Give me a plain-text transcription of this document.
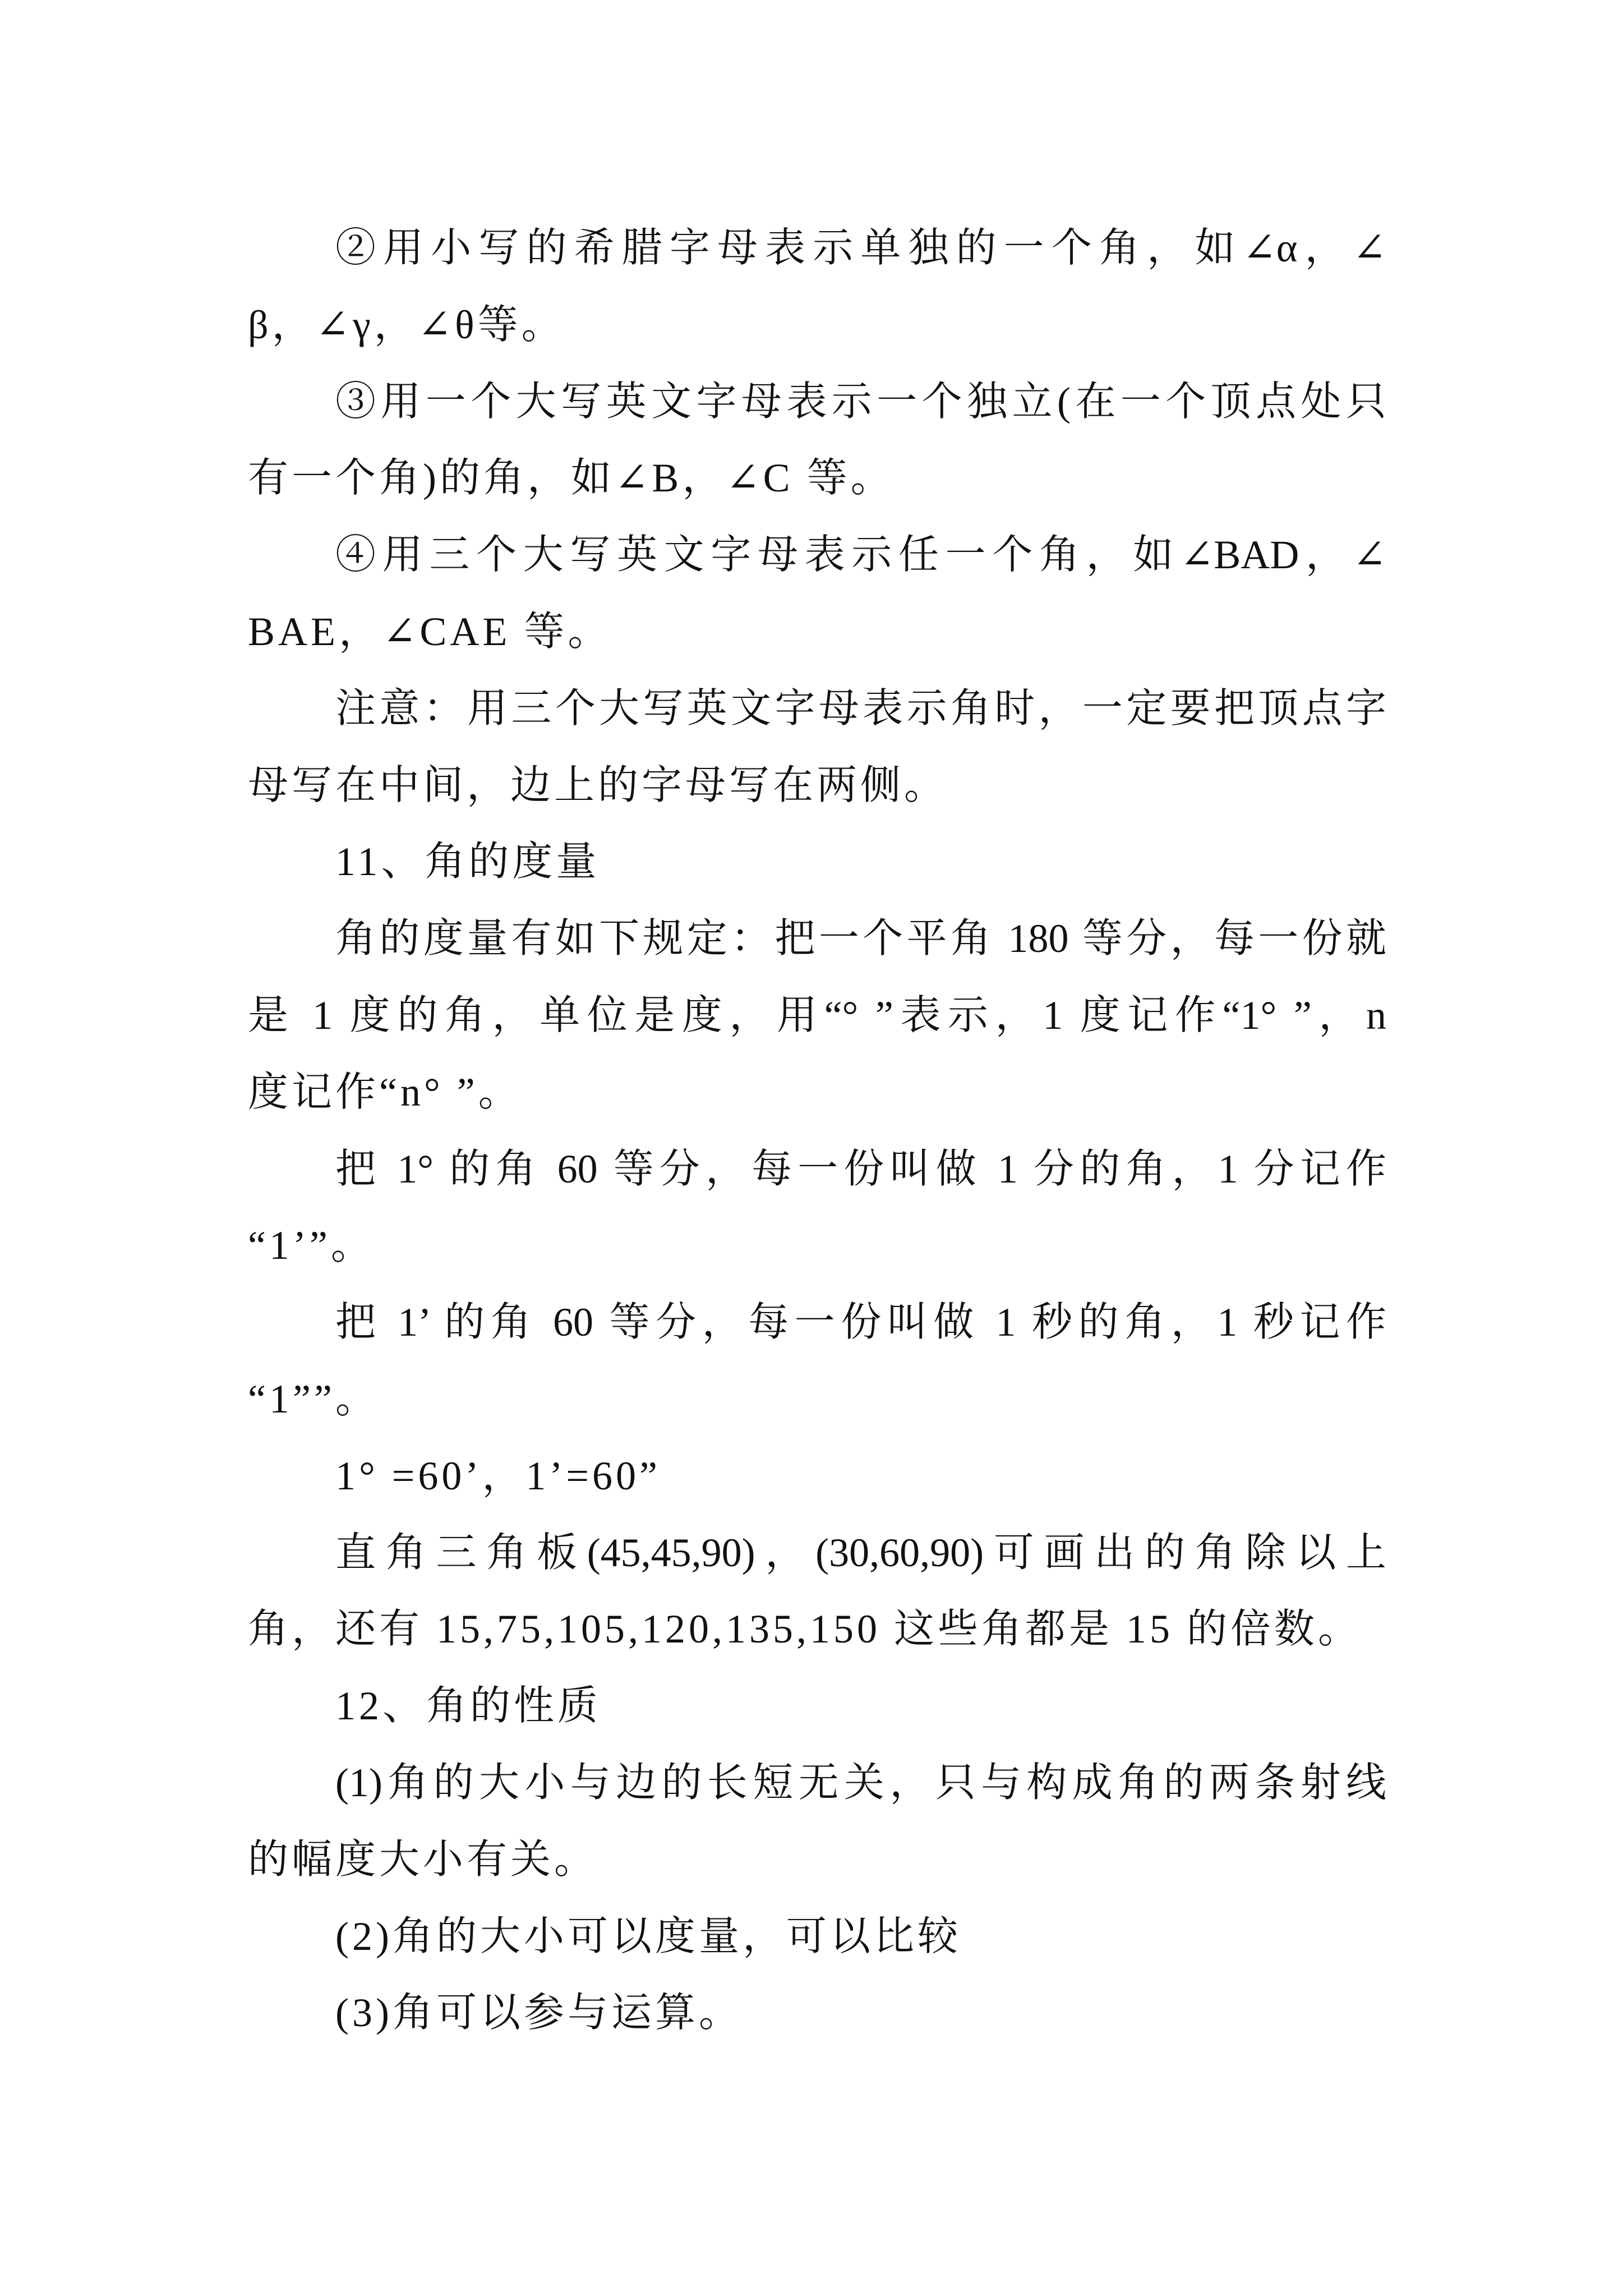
②用小写的希腊字母表示单独的一个角，如∠α，∠
β，∠γ，∠θ等。
③用一个大写英文字母表示一个独立(在一个顶点处只
有一个角)的角，如∠B，∠C 等。
④用三个大写英文字母表示任一个角，如∠BAD，∠
BAE，∠CAE 等。
注意：用三个大写英文字母表示角时，一定要把顶点字
母写在中间，边上的字母写在两侧。
11、角的度量
角的度量有如下规定：把一个平角 180 等分，每一份就
是 1 度的角，单位是度，用“° ”表示，1 度记作“1° ”，n
度记作“n° ”。
把 1° 的角 60 等分，每一份叫做 1 分的角，1 分记作
“1’”。
把 1’ 的角 60 等分，每一份叫做 1 秒的角，1 秒记作
“1””。
1° =60’，1’=60”
直角三角板(45,45,90)，(30,60,90)可画出的角除以上
角，还有 15,75,105,120,135,150 这些角都是 15 的倍数。
12、角的性质
(1)角的大小与边的长短无关，只与构成角的两条射线
的幅度大小有关。
(2)角的大小可以度量，可以比较
(3)角可以参与运算。
